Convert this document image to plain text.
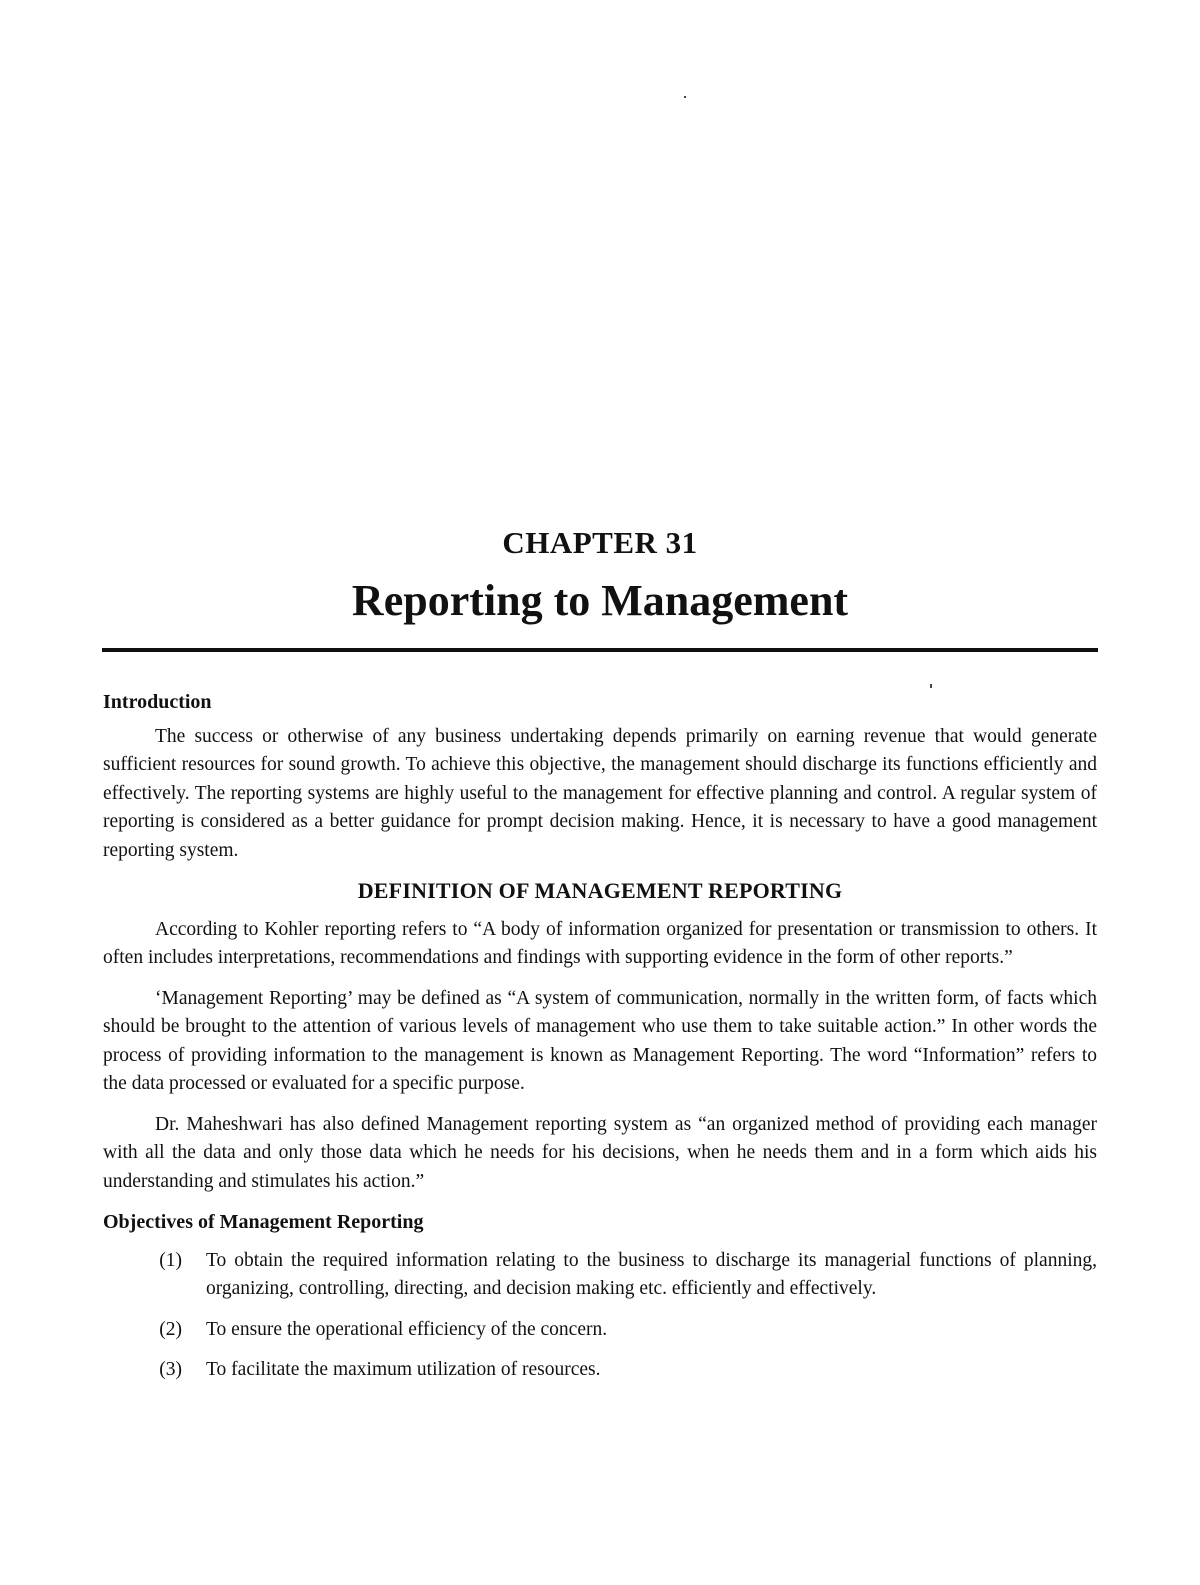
CHAPTER 31
Reporting to Management
Introduction

The success or otherwise of any business undertaking depends primarily on earning revenue that would generate sufficient resources for sound growth. To achieve this objective, the management should discharge its functions efficiently and effectively. The reporting systems are highly useful to the management for effective planning and control. A regular system of reporting is considered as a better guidance for prompt decision making. Hence, it is necessary to have a good management reporting system.

DEFINITION OF MANAGEMENT REPORTING

According to Kohler reporting refers to “A body of information organized for presentation or transmission to others. It often includes interpretations, recommendations and findings with supporting evidence in the form of other reports.”

‘Management Reporting’ may be defined as “A system of communication, normally in the written form, of facts which should be brought to the attention of various levels of management who use them to take suitable action.” In other words the process of providing information to the management is known as Management Reporting. The word “Information” refers to the data processed or evaluated for a specific purpose.

Dr. Maheshwari has also defined Management reporting system as “an organized method of providing each manager with all the data and only those data which he needs for his decisions, when he needs them and in a form which aids his understanding and stimulates his action.”

Objectives of Management Reporting
(1)	To obtain the required information relating to the business to discharge its managerial functions of planning, organizing, controlling, directing, and decision making etc. efficiently and effectively.
(2)	To ensure the operational efficiency of the concern.
(3)	To facilitate the maximum utilization of resources.
